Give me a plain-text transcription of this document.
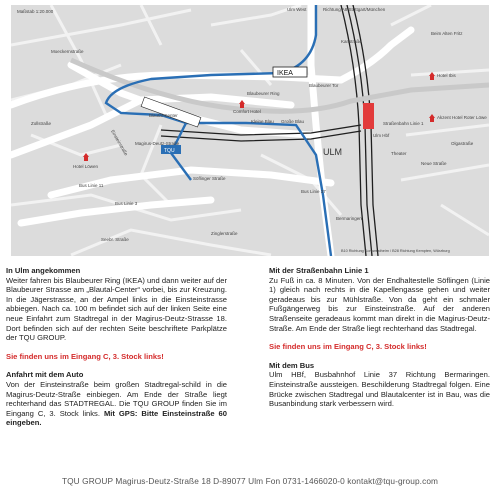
Maßstab 1:20.000	Ulm West	Richtung A8 Stuttgart/München
Karlstraße
IKEA
Blaubeurer Ring
Blaubeurer Tor
Comfort Hotel
Blautal-Center
Kleine Blau Große Blau
Einsteinstraße Magirus-Deutz-Straße
TQU
Hotel Löwen
Bus Linie 11
Bus Linie 3
Söflinger Straße
Straßenbahn Linie 1
ULM
Ulm Hbf
Hotel Ibis
Akzent Hotel Roter Löwe
Neue Straße
Bermaringen
Bus Linie 37
Zinglerstraße
Beim Alten Fritz
Moeckernstraße
Seebr. Straße
Zollstraße
Theater
Olgastraße
B10 Richtung Kornwestheim / B28 Richtung Kempten, Würzburg
In Ulm angekommen
Weiter fahren bis Blaubeurer Ring (IKEA) und dann weiter auf der Blaubeurer Strasse am „Blautal-Center“ vorbei, bis zur Kreuzung. In die Jägerstrasse, an der Ampel links in die Einsteinstrasse abbiegen. Nach ca. 100 m befindet sich auf der linken Seite eine neue Einfahrt zum Stadtregal in der Magirus-Deutz-Strasse 18. Dort befinden sich auf der rechten Seite beschriftete Parkplätze der TQU GROUP.
Sie finden uns im Eingang C, 3. Stock links!
Anfahrt mit dem Auto
Von der Einsteinstraße beim großen Stadtregal-schild in die Magirus-Deutz-Straße einbiegen. Am Ende der Straße liegt rechterhand das STADTREGAL. Die TQU GROUP finden Sie im Eingang C, 3. Stock links. Mit GPS: Bitte Einsteinstraße 60 eingeben.
Mit der Straßenbahn Linie 1
Zu Fuß in ca. 8 Minuten. Von der Endhaltestelle Söflingen (Linie 1) gleich nach rechts in die Kapellengasse gehen und weiter geradeaus bis zur Mühlstraße. Von da geht ein schmaler Fußgängerweg bis zur Einsteinstraße. Auf der anderen Straßenseite geradeaus kommt man direkt in die Magirus-Deutz-Straße. Am Ende der Straße liegt rechterhand das Stadtregal.
Sie finden uns im Eingang C, 3. Stock links!
Mit dem Bus
Ulm HBf, Busbahnhof Linie 37 Richtung Bermaringen. Einsteinstraße aussteigen. Beschilderung Stadtregal folgen. Eine Brücke zwischen Stadtregal und Blautalcenter ist in Bau, was die Busanbindung stark verbessern wird.
TQU GROUP Magirus-Deutz-Straße 18 D-89077 Ulm Fon 0731-1466020-0 kontakt@tqu-group.com
